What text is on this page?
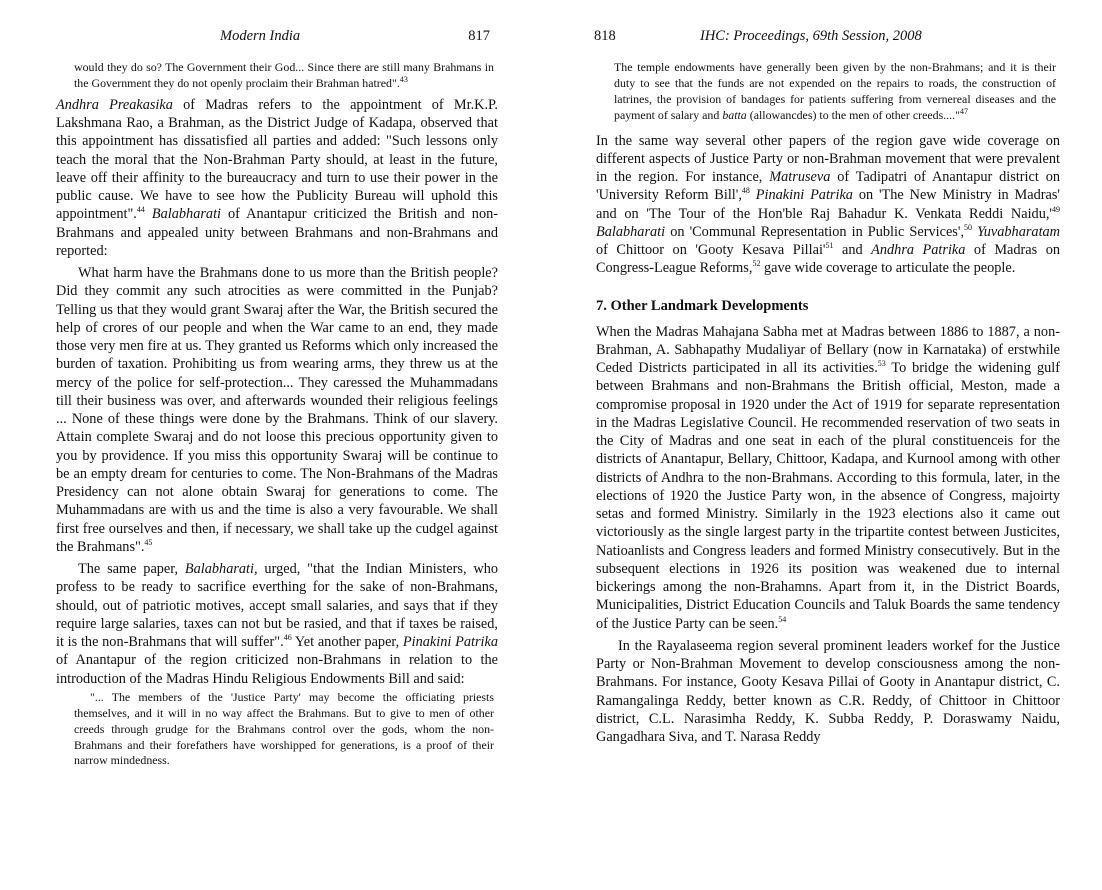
Modern India	817

would they do so? The Government their God... Since there are still many Brahmans in the Government they do not openly proclaim their Brahman hatred".$^{43}$

Andhra Preakasika of Madras refers to the appointment of Mr.K.P. Lakshmana Rao, a Brahman, as the District Judge of Kadapa, observed that this appointment has dissatisfied all parties and added: "Such lessons only teach the moral that the Non-Brahman Party should, at least in the future, leave off their affinity to the bureaucracy and turn to use their power in the public cause. We have to see how the Publicity Bureau will uphold this appointment".$^{44}$ Balabharati of Anantapur criticized the British and non-Brahmans and appealed unity between Brahmans and non-Brahmans and reported:

What harm have the Brahmans done to us more than the British people? Did they commit any such atrocities as were committed in the Punjab? Telling us that they would grant Swaraj after the War, the British secured the help of crores of our people and when the War came to an end, they made those very men fire at us. They granted us Reforms which only increased the burden of taxation. Prohibiting us from wearing arms, they threw us at the mercy of the police for self-protection... They caressed the Muhammadans till their business was over, and afterwards wounded their religious feelings ... None of these things were done by the Brahmans. Think of our slavery. Attain complete Swaraj and do not loose this precious opportunity given to you by providence. If you miss this opportunity Swaraj will be continue to be an empty dream for centuries to come. The Non-Brahmans of the Madras Presidency can not alone obtain Swaraj for generations to come. The Muhammadans are with us and the time is also a very favourable. We shall first free ourselves and then, if necessary, we shall take up the cudgel against the Brahmans".$^{45}$

The same paper, Balabharati, urged, "that the Indian Ministers, who profess to be ready to sacrifice everthing for the sake of non-Brahmans, should, out of patriotic motives, accept small salaries, and says that if they require large salaries, taxes can not but be rasied, and that if taxes be raised, it is the non-Brahmans that will suffer".$^{46}$ Yet another paper, Pinakini Patrika of Anantapur of the region criticized non-Brahmans in relation to the introduction of the Madras Hindu Religious Endowments Bill and said:

"... The members of the 'Justice Party' may become the officiating priests themselves, and it will in no way affect the Brahmans. But to give to men of other creeds through grudge for the Brahmans control over the gods, whom the non-Brahmans and their forefathers have worshipped for generations, is a proof of their narrow mindedness.

818	IHC: Proceedings, 69th Session, 2008

The temple endowments have generally been given by the non-Brahmans; and it is their duty to see that the funds are not expended on the repairs to roads, the construction of latrines, the provision of bandages for patients suffering from vernereal diseases and the payment of salary and batta (allowancdes) to the men of other creeds...."$^{47}$

In the same way several other papers of the region gave wide coverage on different aspects of Justice Party or non-Brahman movement that were prevalent in the region. For instance, Matruseva of Tadipatri of Anantapur district on 'University Reform Bill',$^{48}$ Pinakini Patrika on 'The New Ministry in Madras' and on 'The Tour of the Hon'ble Raj Bahadur K. Venkata Reddi $Naidu,'^{49}$ Balabharati on 'Communal Representation in Public Services',$^{50}$ Yuvabharatam of Chittoor on 'Gooty Kesava $Pillai'^{51}$ and Andhra Patrika of Madras on Congress-League Reforms,$^{52}$ gave wide coverage to articulate the people.

7. Other Landmark Developments

When the Madras Mahajana Sabha met at Madras between 1886 to 1887, a non-Brahman, A. Sabhapathy Mudaliyar of Bellary (now in Karnataka) of erstwhile Ceded Districts participated in all its activities.$^{53}$ To bridge the widening gulf between Brahmans and non-Brahmans the British official, Meston, made a compromise proposal in 1920 under the Act of 1919 for separate representation in the Madras Legislative Council. He recommended reservation of two seats in the City of Madras and one seat in each of the plural constituenceis for the districts of Anantapur, Bellary, Chittoor, Kadapa, and Kurnool among with other districts of Andhra to the non-Brahmans. According to this formula, later, in the elections of 1920 the Justice Party won, in the absence of Congress, majoirty setas and formed Ministry. Similarly in the 1923 elections also it came out victoriously as the single largest party in the tripartite contest between Justicites, Natioanlists and Congress leaders and formed Ministry consecutively. But in the subsequent elections in 1926 its position was weakened due to internal bickerings among the non-Brahamns. Apart from it, in the District Boards, Municipalities, District Education Councils and Taluk Boards the same tendency of the Justice Party can be seen.$^{54}$

In the Rayalaseema region several prominent leaders workef for the Justice Party or Non-Brahman Movement to develop consciousness among the non-Brahmans. For instance, Gooty Kesava Pillai of Gooty in Anantapur district, C. Ramangalinga Reddy, better known as C.R. Reddy, of Chittoor in Chittoor district, C.L. Narasimha Reddy, K. Subba Reddy, P. Doraswamy Naidu, Gangadhara Siva, and T. Narasa Reddy
